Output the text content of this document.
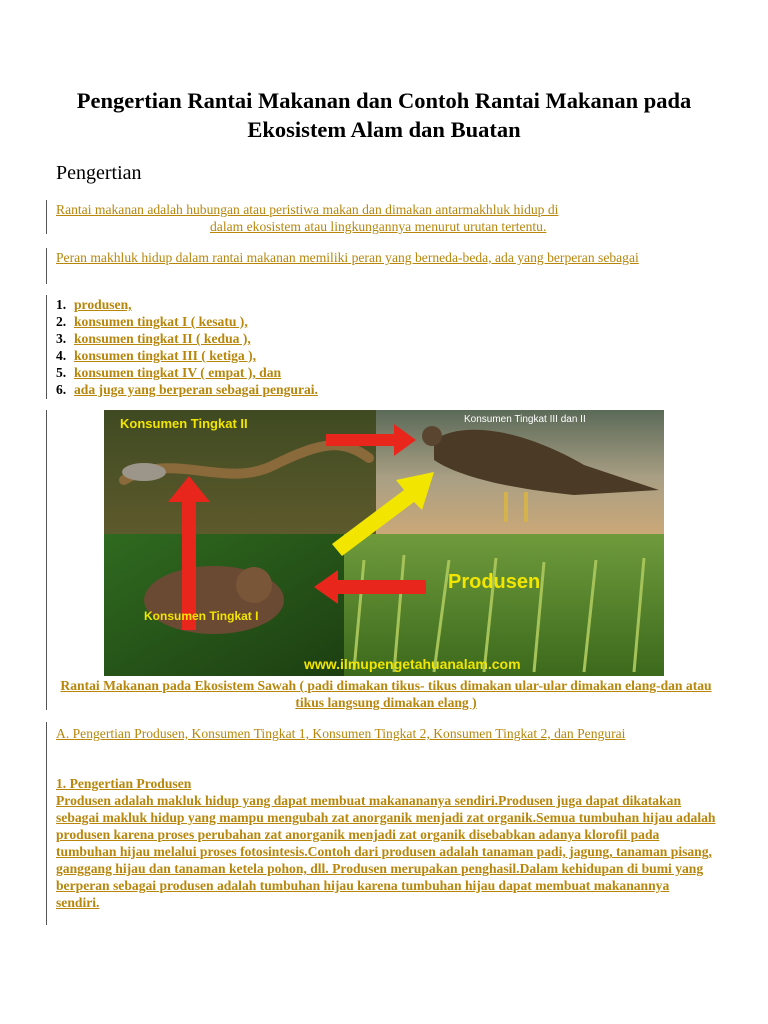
Pengertian Rantai Makanan dan Contoh Rantai Makanan pada Ekosistem Alam dan Buatan
Pengertian
Rantai makanan adalah hubungan atau peristiwa makan dan dimakan antarmakhluk hidup di
dalam ekosistem atau lingkungannya menurut urutan tertentu.
Peran makhluk hidup dalam rantai makanan memiliki peran yang berneda-beda, ada yang berperan sebagai
1. produsen,
2. konsumen tingkat I ( kesatu ),
3. konsumen tingkat II ( kedua ),
4. konsumen tingkat III ( ketiga ),
5. konsumen tingkat IV ( empat ), dan
6. ada juga yang berperan sebagai pengurai.
Konsumen Tingkat II	Konsumen Tingkat III dan II
Konsumen Tingkat I
Produsen
www.ilmupengetahuanalam.com
Rantai Makanan pada Ekosistem Sawah ( padi dimakan tikus- tikus dimakan ular-ular dimakan elang-dan atau tikus langsung dimakan elang )
A. Pengertian Produsen, Konsumen Tingkat 1, Konsumen Tingkat 2, Konsumen Tingkat 2, dan Pengurai
1. Pengertian Produsen
Produsen adalah makluk hidup yang dapat membuat makanananya sendiri.Produsen juga dapat dikatakan sebagai makluk hidup yang mampu mengubah zat anorganik menjadi zat organik.Semua tumbuhan hijau adalah produsen karena proses perubahan zat anorganik menjadi zat organik disebabkan adanya klorofil pada tumbuhan hijau melalui proses fotosintesis.Contoh dari produsen adalah tanaman padi, jagung, tanaman pisang, ganggang hijau dan tanaman ketela pohon, dll. Produsen merupakan penghasil.Dalam kehidupan di bumi yang berperan sebagai produsen adalah tumbuhan hijau karena tumbuhan hijau dapat membuat makanannya sendiri.
